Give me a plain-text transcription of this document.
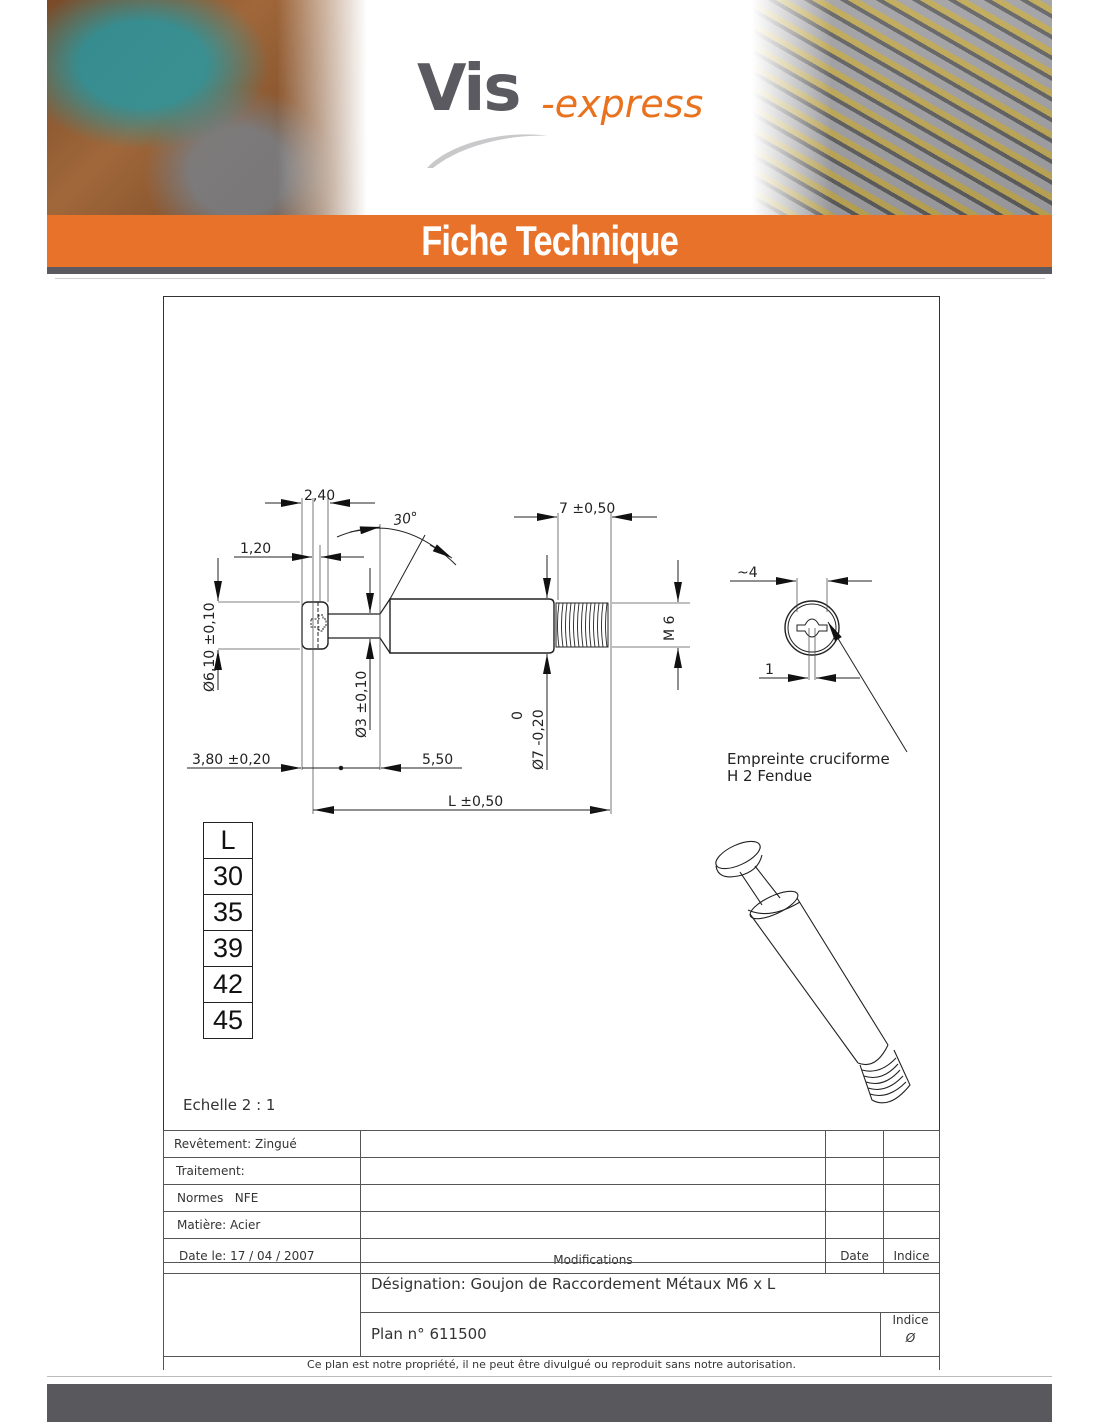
Vis -express
Fiche Technique
2,40
1,20
30°
Ø6,10 ±0,10
Ø3 ±0,10
3,80 ±0,20	5,50
0 Ø7 -0,20
7 ±0,50
M 6
L ±0,50
~4
1
Empreinte cruciforme
H 2 Fendue
L
30
35
39
42
45
Echelle 2 : 1
Revêtement: Zingué			
Traitement:			
Normes   NFE			
Matière: Acier			
Date le: 17 / 04 / 2007	Modifications	Date	Indice
Désignation: Goujon de Raccordement Métaux M6 x L
Plan n° 611500
Indice
Ø
Ce plan est notre propriété, il ne peut être divulgué ou reproduit sans notre autorisation.
